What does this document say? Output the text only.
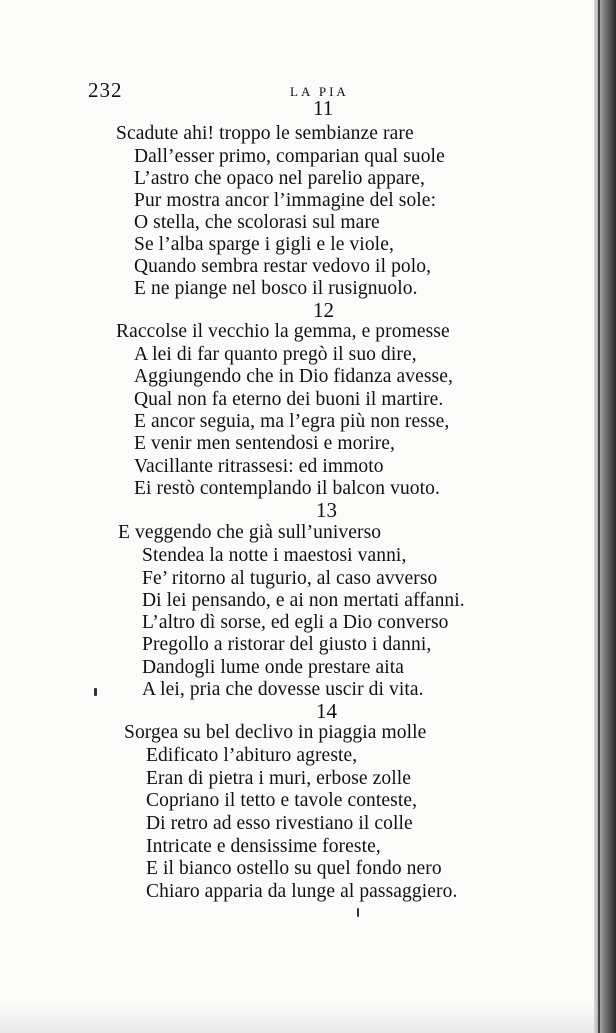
232	LA PIA
11
Scadute ahi! troppo le sembianze rare
Dall’esser primo, comparian qual suole
L’astro che opaco nel parelio appare,
Pur mostra ancor l’immagine del sole:
O stella, che scolorasi sul mare
Se l’alba sparge i gigli e le viole,
Quando sembra restar vedovo il polo,
E ne piange nel bosco il rusignuolo.
12
Raccolse il vecchio la gemma, e promesse
A lei di far quanto pregò il suo dire,
Aggiungendo che in Dio fidanza avesse,
Qual non fa eterno dei buoni il martire.
E ancor seguia, ma l’egra più non resse,
E venir men sentendosi e morire,
Vacillante ritrassesi: ed immoto
Ei restò contemplando il balcon vuoto.
13
E veggendo che già sull’universo
Stendea la notte i maestosi vanni,
Fe’ ritorno al tugurio, al caso avverso
Di lei pensando, e ai non mertati affanni.
L’altro dì sorse, ed egli a Dio converso
Pregollo a ristorar del giusto i danni,
Dandogli lume onde prestare aita
A lei, pria che dovesse uscir di vita.
14
Sorgea su bel declivo in piaggia molle
Edificato l’abituro agreste,
Eran di pietra i muri, erbose zolle
Copriano il tetto e tavole conteste,
Di retro ad esso rivestiano il colle
Intricate e densissime foreste,
E il bianco ostello su quel fondo nero
Chiaro apparia da lunge al passaggiero.
